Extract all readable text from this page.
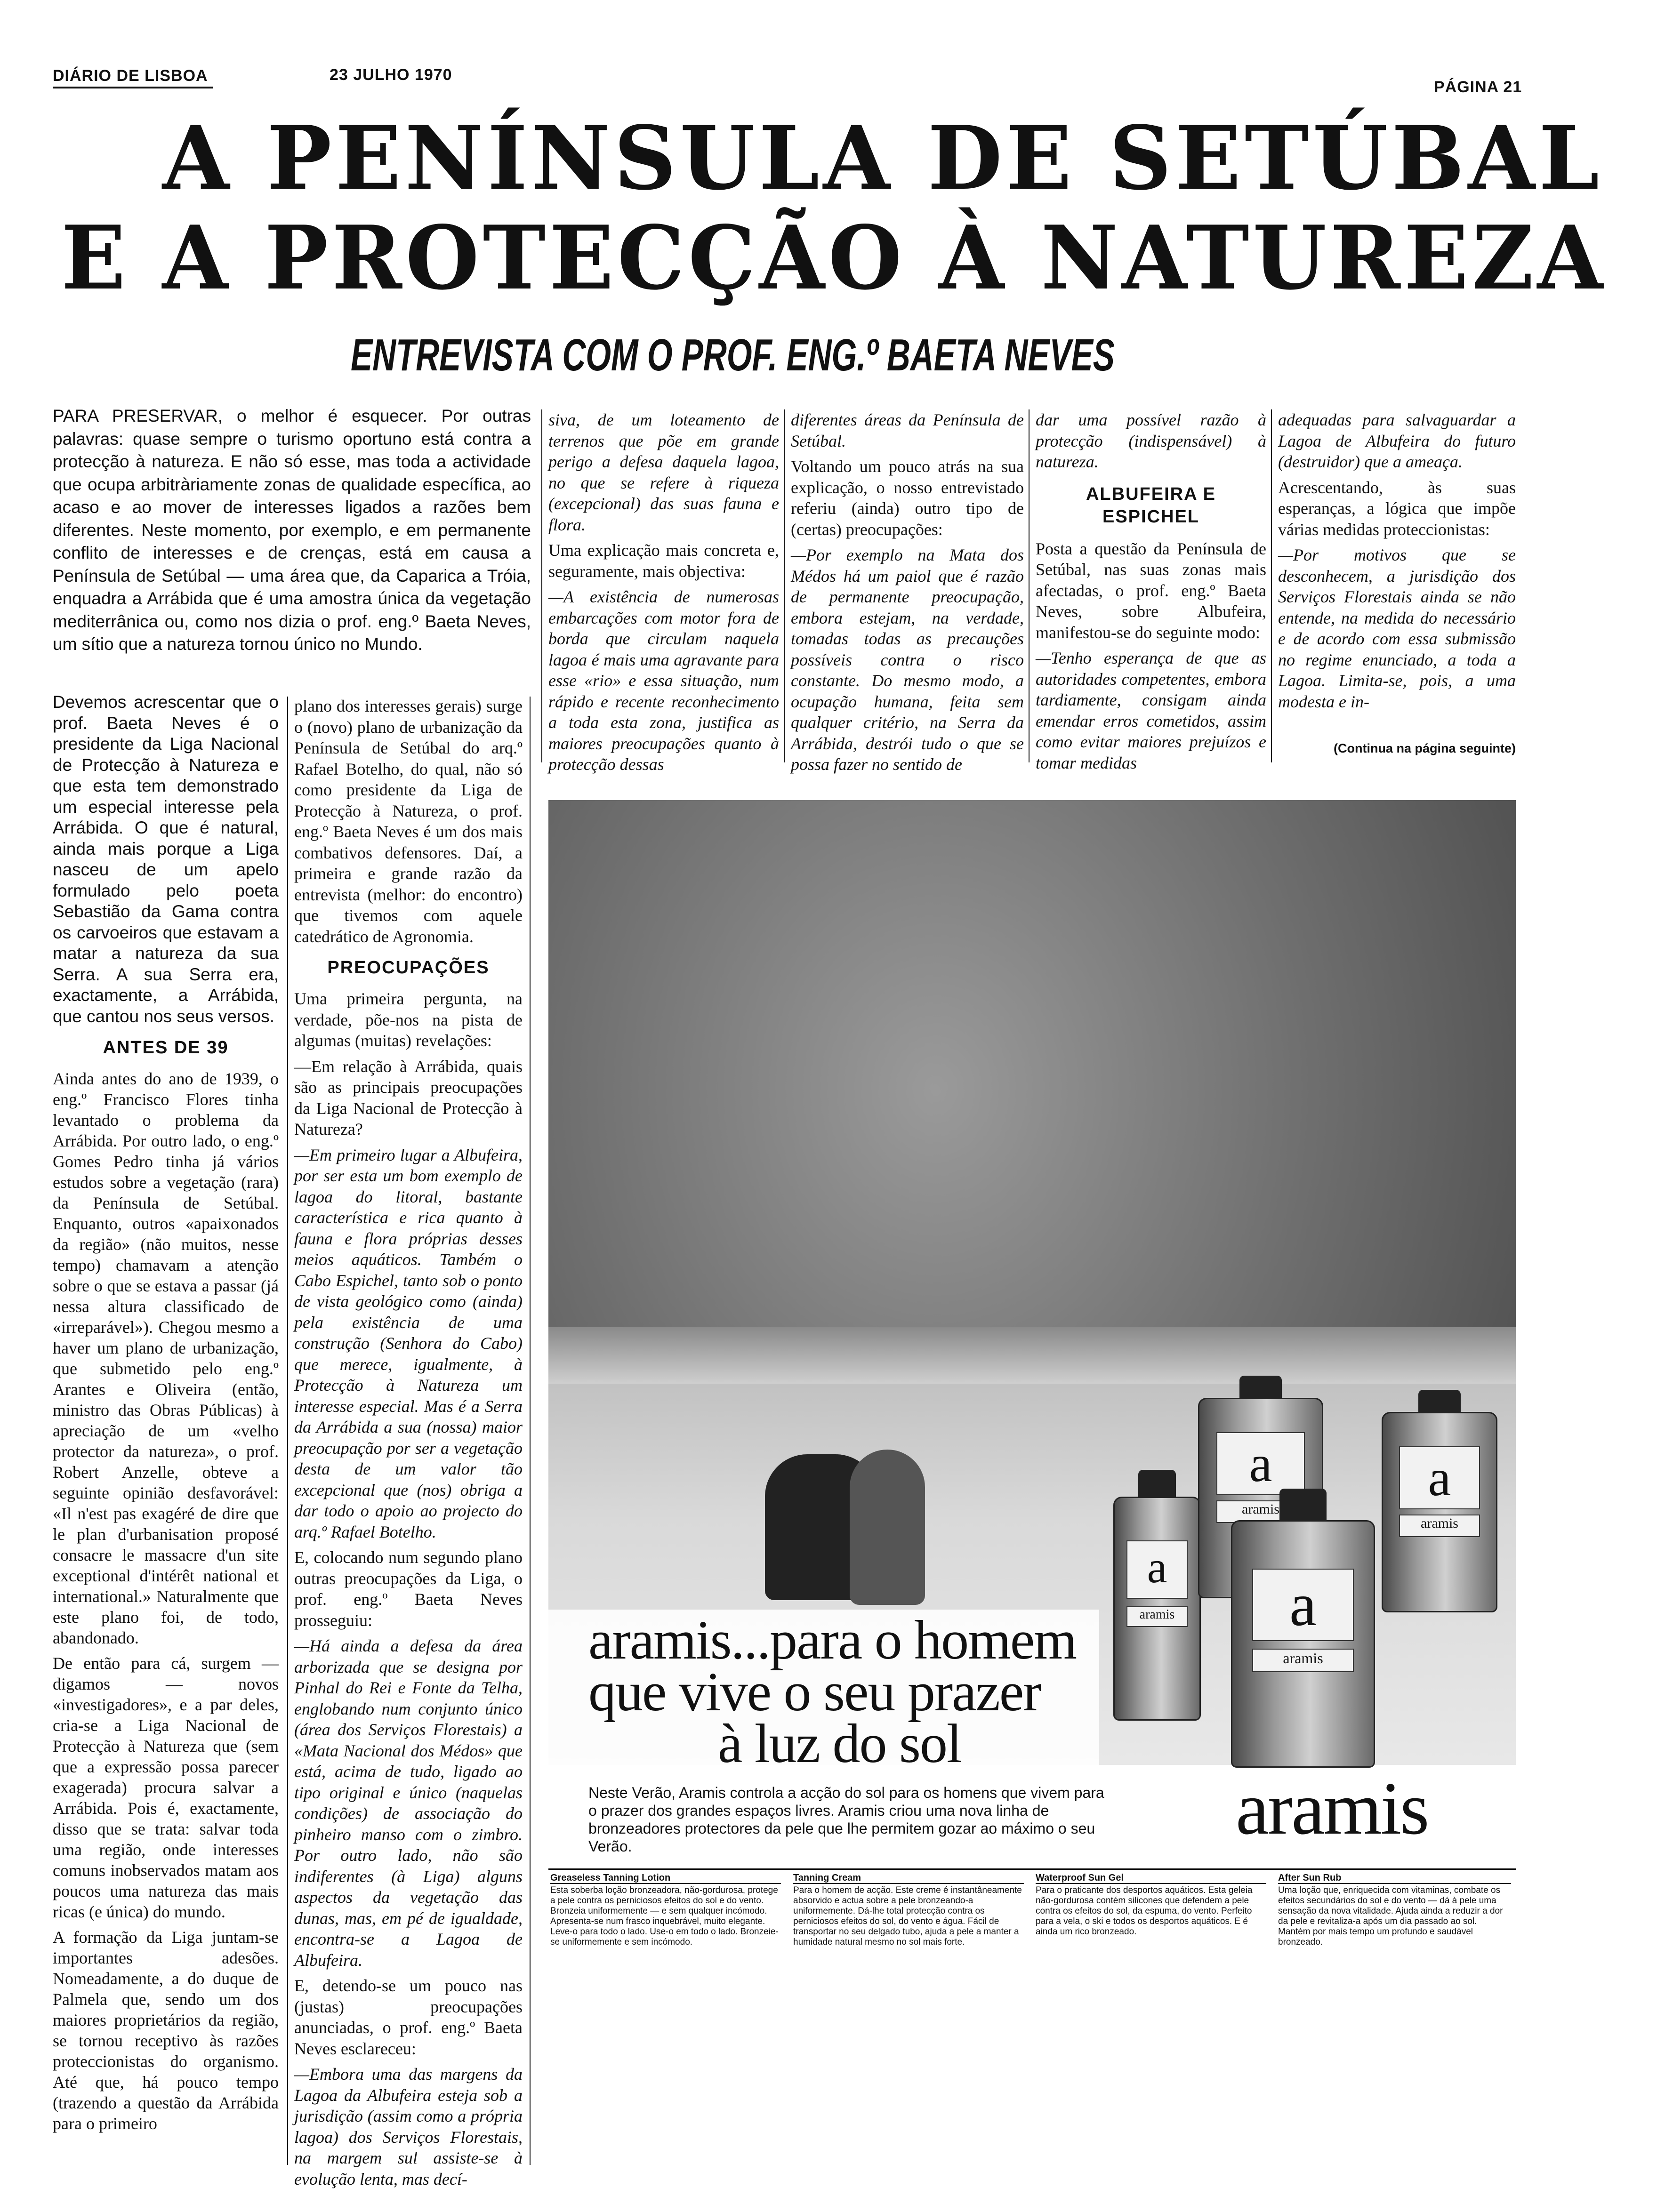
DIÁRIO DE LISBOA	23 JULHO 1970
PÁGINA 21
A PENÍNSULA DE SETÚBAL
E A PROTECÇÃO À NATUREZA
ENTREVISTA COM O PROF. ENG.º BAETA NEVES

PARA PRESERVAR, o melhor é esquecer. Por outras palavras: quase sempre o turismo oportuno está contra a protecção à natureza. E não só esse, mas toda a actividade que ocupa arbitràriamente zonas de qualidade específica, ao acaso e ao mover de interesses ligados a razões bem diferentes. Neste momento, por exemplo, e em permanente conflito de interesses e de crenças, está em causa a Península de Setúbal — uma área que, da Caparica a Tróia, enquadra a Arrábida que é uma amostra única da vegetação mediterrânica ou, como nos dizia o prof. eng.º Baeta Neves, um sítio que a natureza tornou único no Mundo.

Devemos acrescentar que o prof. Baeta Neves é o presidente da Liga Nacional de Protecção à Natureza e que esta tem demonstrado um especial interesse pela Arrábida. O que é natural, ainda mais porque a Liga nasceu de um apelo formulado pelo poeta Sebastião da Gama contra os carvoeiros que estavam a matar a natureza da sua Serra. A sua Serra era, exactamente, a Arrábida, que cantou nos seus versos.

ANTES DE 39

Ainda antes do ano de 1939, o eng.º Francisco Flores tinha levantado o problema da Arrábida. Por outro lado, o eng.º Gomes Pedro tinha já vários estudos sobre a vegetação (rara) da Península de Setúbal. Enquanto, outros «apaixonados da região» (não muitos, nesse tempo) chamavam a atenção sobre o que se estava a passar (já nessa altura classificado de «irreparável»). Chegou mesmo a haver um plano de urbanização, que submetido pelo eng.º Arantes e Oliveira (então, ministro das Obras Públicas) à apreciação de um «velho protector da natureza», o prof. Robert Anzelle, obteve a seguinte opinião desfavorável: «Il n'est pas exagéré de dire que le plan d'urbanisation proposé consacre le massacre d'un site exceptional d'intérêt national et international.» Naturalmente que este plano foi, de todo, abandonado.

De então para cá, surgem — digamos — novos «investigadores», e a par deles, cria-se a Liga Nacional de Protecção à Natureza que (sem que a expressão possa parecer exagerada) procura salvar a Arrábida. Pois é, exactamente, disso que se trata: salvar toda uma região, onde interesses comuns inobservados matam aos poucos uma natureza das mais ricas (e única) do mundo.

A formação da Liga juntam-se importantes adesões. Nomeadamente, a do duque de Palmela que, sendo um dos maiores proprietários da região, se tornou receptivo às razões proteccionistas do organismo. Até que, há pouco tempo (trazendo a questão da Arrábida para o primeiro

plano dos interesses gerais) surge o (novo) plano de urbanização da Península de Setúbal do arq.º Rafael Botelho, do qual, não só como presidente da Liga de Protecção à Natureza, o prof. eng.º Baeta Neves é um dos mais combativos defensores. Daí, a primeira e grande razão da entrevista (melhor: do encontro) que tivemos com aquele catedrático de Agronomia.

PREOCUPAÇÕES

Uma primeira pergunta, na verdade, põe-nos na pista de algumas (muitas) revelações:

—Em relação à Arrábida, quais são as principais preocupações da Liga Nacional de Protecção à Natureza?

—Em primeiro lugar a Albufeira, por ser esta um bom exemplo de lagoa do litoral, bastante característica e rica quanto à fauna e flora próprias desses meios aquáticos. Também o Cabo Espichel, tanto sob o ponto de vista geológico como (ainda) pela existência de uma construção (Senhora do Cabo) que merece, igualmente, à Protecção à Natureza um interesse especial. Mas é a Serra da Arrábida a sua (nossa) maior preocupação por ser a vegetação desta de um valor tão excepcional que (nos) obriga a dar todo o apoio ao projecto do arq.º Rafael Botelho.

E, colocando num segundo plano outras preocupações da Liga, o prof. eng.º Baeta Neves prosseguiu:

—Há ainda a defesa da área arborizada que se designa por Pinhal do Rei e Fonte da Telha, englobando num conjunto único (área dos Serviços Florestais) a «Mata Nacional dos Médos» que está, acima de tudo, ligado ao tipo original e único (naquelas condições) de associação do pinheiro manso com o zimbro. Por outro lado, não são indiferentes (à Liga) alguns aspectos da vegetação das dunas, mas, em pé de igualdade, encontra-se a Lagoa de Albufeira.

E, detendo-se um pouco nas (justas) preocupações anunciadas, o prof. eng.º Baeta Neves esclareceu:

—Embora uma das margens da Lagoa da Albufeira esteja sob a jurisdição (assim como a própria lagoa) dos Serviços Florestais, na margem sul assiste-se à evolução lenta, mas decí-

siva, de um loteamento de terrenos que põe em grande perigo a defesa daquela lagoa, no que se refere à riqueza (excepcional) das suas fauna e flora.

Uma explicação mais concreta e, seguramente, mais objectiva:

—A existência de numerosas embarcações com motor fora de borda que circulam naquela lagoa é mais uma agravante para esse «rio» e essa situação, num rápido e recente reconhecimento a toda esta zona, justifica as maiores preocupações quanto à protecção dessas

diferentes áreas da Península de Setúbal.

Voltando um pouco atrás na sua explicação, o nosso entrevistado referiu (ainda) outro tipo de (certas) preocupações:

—Por exemplo na Mata dos Médos há um paiol que é razão de permanente preocupação, embora estejam, na verdade, tomadas todas as precauções possíveis contra o risco constante. Do mesmo modo, a ocupação humana, feita sem qualquer critério, na Serra da Arrábida, destrói tudo o que se possa fazer no sentido de

dar uma possível razão à protecção (indispensável) à natureza.

ALBUFEIRA E ESPICHEL

Posta a questão da Península de Setúbal, nas suas zonas mais afectadas, o prof. eng.º Baeta Neves, sobre Albufeira, manifestou-se do seguinte modo:

—Tenho esperança de que as autoridades competentes, embora tardiamente, consigam ainda emendar erros cometidos, assim como evitar maiores prejuízos e tomar medidas

adequadas para salvaguardar a Lagoa de Albufeira do futuro (destruidor) que a ameaça.

Acrescentando, às suas esperanças, a lógica que impõe várias medidas proteccionistas:

—Por motivos que se desconhecem, a jurisdição dos Serviços Florestais ainda se não entende, na medida do necessário e de acordo com essa submissão no regime enunciado, a toda a Lagoa. Limita-se, pois, a uma modesta e in-

(Continua na página seguinte)
a
aramis
a
aramis
a
aramis
a
aramis
aramis...para o homem
que vive o seu prazer
à luz do sol
Neste Verão, Aramis controla a acção do sol para os homens que vivem para o prazer dos grandes espaços livres. Aramis criou uma nova linha de bronzeadores protectores da pele que lhe permitem gozar ao máximo o seu Verão.	aramis
Greaseless Tanning Lotion
Esta soberba loção bronzeadora, não-gordurosa, protege a pele contra os perniciosos efeitos do sol e do vento. Bronzeia uniformemente — e sem qualquer incómodo. Apresenta-se num frasco inquebrável, muito elegante. Leve-o para todo o lado. Use-o em todo o lado. Bronzeie-se uniformemente e sem incómodo.
Tanning Cream
Para o homem de acção. Este creme é instantâneamente absorvido e actua sobre a pele bronzeando-a uniformemente. Dá-lhe total protecção contra os perniciosos efeitos do sol, do vento e água. Fácil de transportar no seu delgado tubo, ajuda a pele a manter a humidade natural mesmo no sol mais forte.
Waterproof Sun Gel
Para o praticante dos desportos aquáticos. Esta geleia não-gordurosa contém silicones que defendem a pele contra os efeitos do sol, da espuma, do vento. Perfeito para a vela, o ski e todos os desportos aquáticos. E é ainda um rico bronzeado.
After Sun Rub
Uma loção que, enriquecida com vitaminas, combate os efeitos secundários do sol e do vento — dá à pele uma sensação da nova vitalidade. Ajuda ainda a reduzir a dor da pele e revitaliza-a após um dia passado ao sol. Mantém por mais tempo um profundo e saudável bronzeado.
